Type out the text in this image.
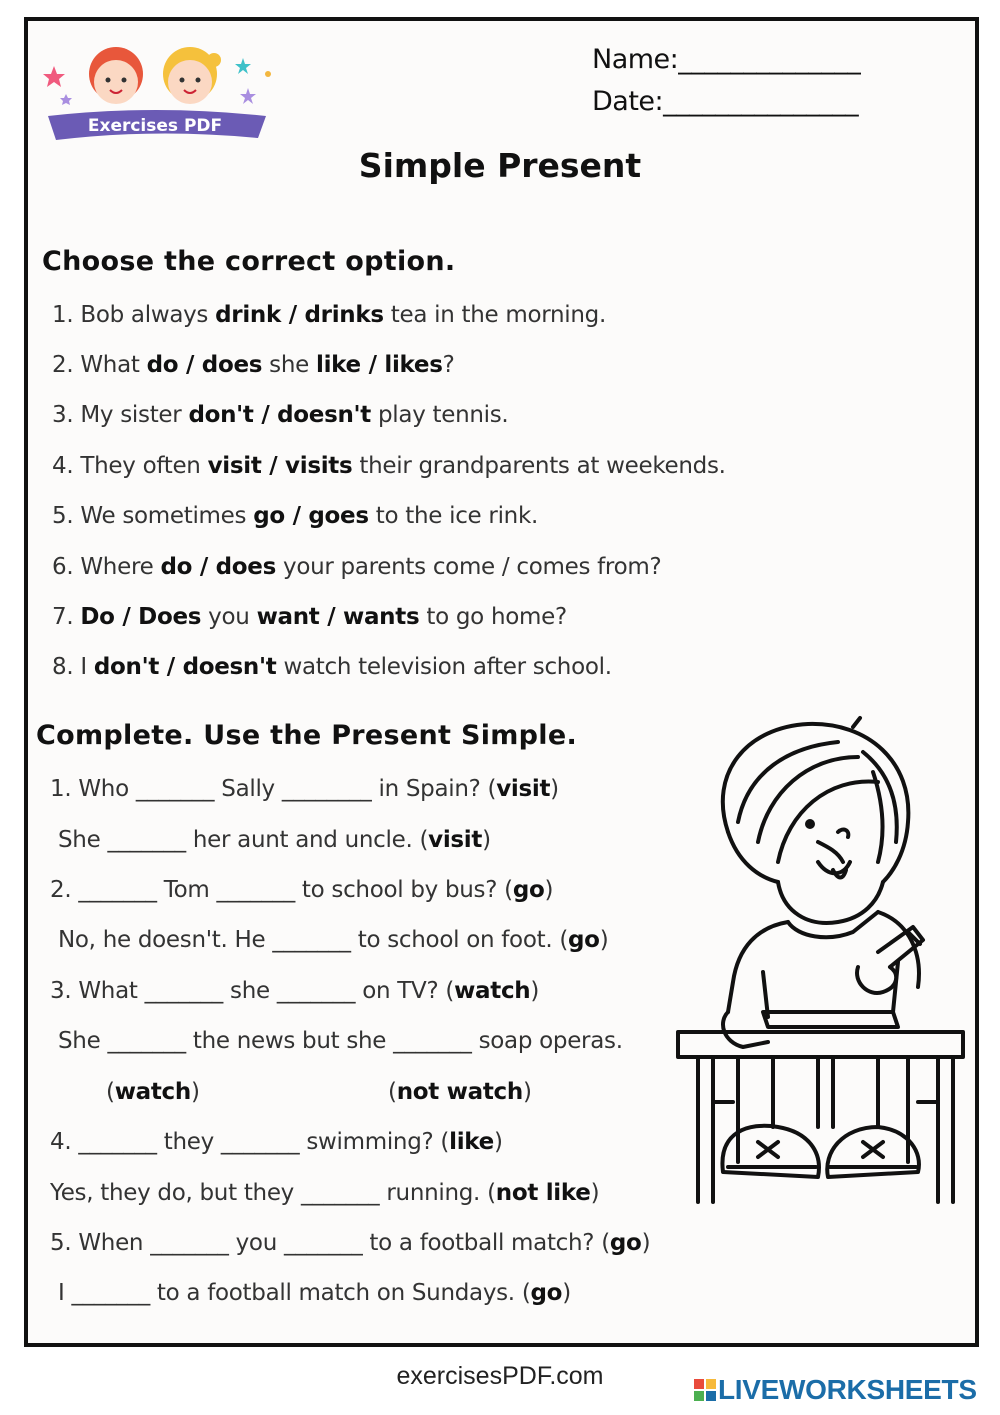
Exercises PDF
Name:______________
Date:_______________
Simple Present
Choose the correct option.
1. Bob always drink / drinks tea in the morning.
2. What do / does she like / likes?
3. My sister don't / doesn't play tennis.
4. They often visit / visits their grandparents at weekends.
5. We sometimes go / goes to the ice rink.
6. Where do / does your parents come / comes from?
7. Do / Does you want / wants to go home?
8. I don't / doesn't watch television after school.
Complete. Use the Present Simple.
1. Who _______ Sally ________ in Spain? (visit)
She _______ her aunt and uncle. (visit)
2. _______ Tom _______ to school by bus? (go)
No, he doesn't. He _______ to school on foot. (go)
3. What _______ she _______ on TV? (watch)
She _______ the news but she _______ soap operas.
(watch)	(not watch)
4. _______ they _______ swimming? (like)
Yes, they do, but they _______ running. (not like)
5. When _______ you _______ to a football match? (go)
I _______ to a football match on Sundays. (go)
exercisesPDF.com	LIVEWORKSHEETS
